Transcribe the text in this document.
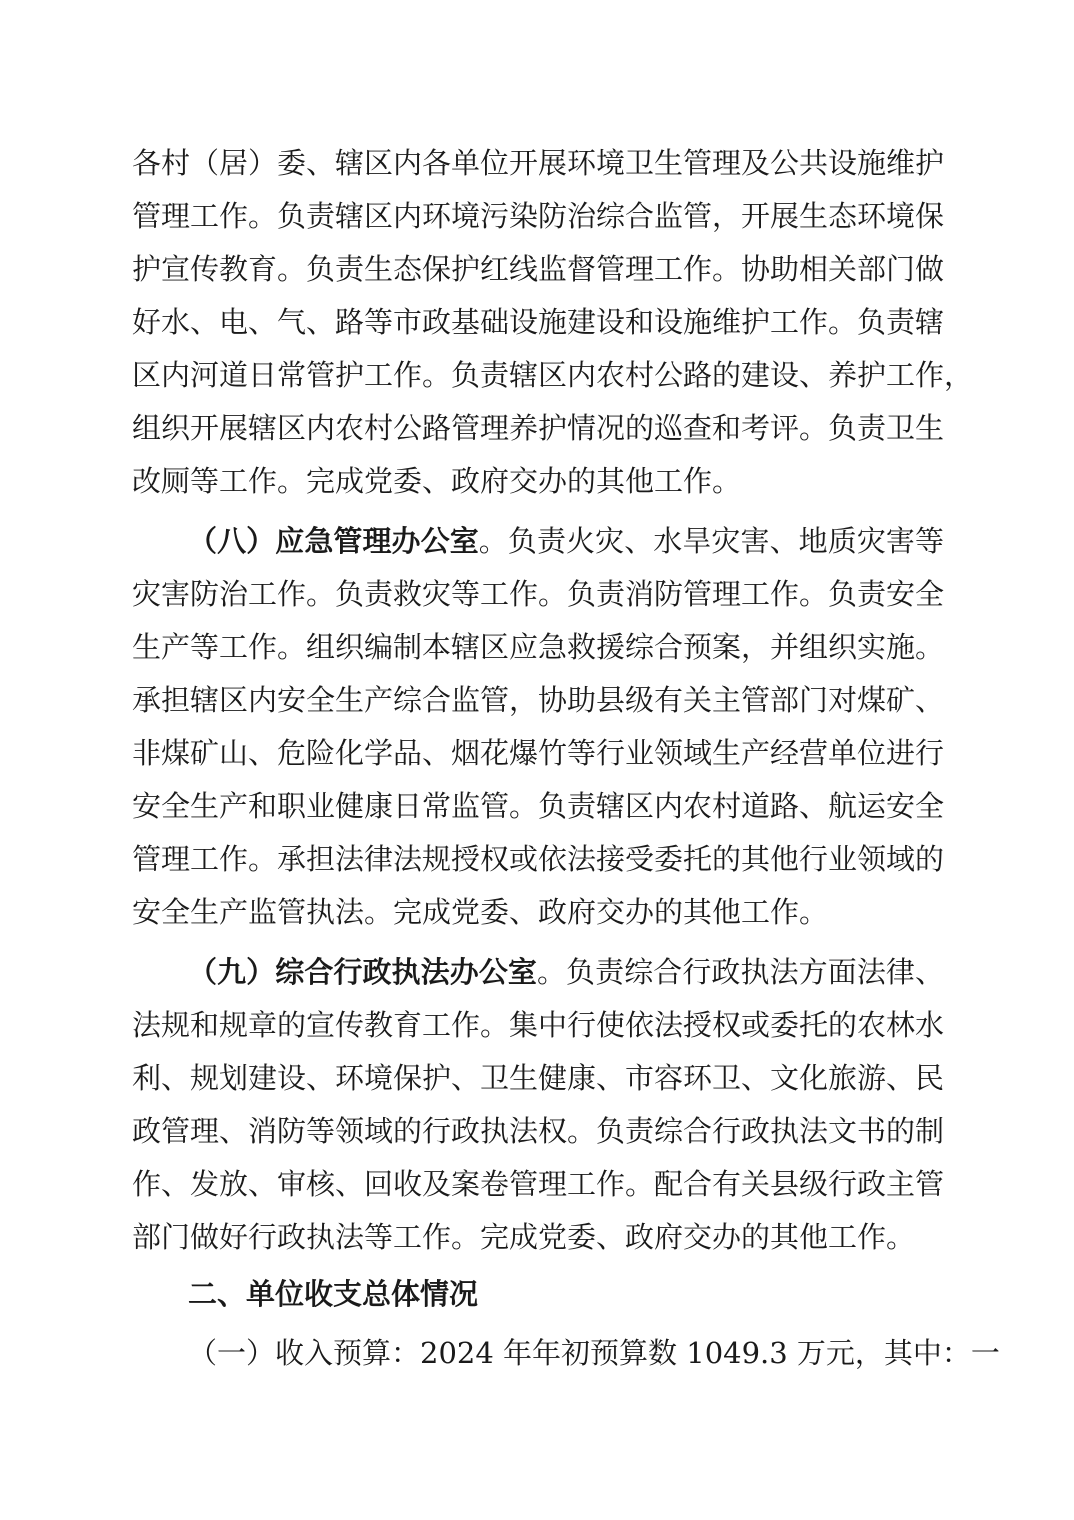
各村（居）委、辖区内各单位开展环境卫生管理及公共设施维护
管理工作。负责辖区内环境污染防治综合监管，开展生态环境保
护宣传教育。负责生态保护红线监督管理工作。协助相关部门做
好水、电、气、路等市政基础设施建设和设施维护工作。负责辖
区内河道日常管护工作。负责辖区内农村公路的建设、养护工作，
组织开展辖区内农村公路管理养护情况的巡查和考评。负责卫生
改厕等工作。完成党委、政府交办的其他工作。
（八）应急管理办公室。负责火灾、水旱灾害、地质灾害等
灾害防治工作。负责救灾等工作。负责消防管理工作。负责安全
生产等工作。组织编制本辖区应急救援综合预案，并组织实施。
承担辖区内安全生产综合监管，协助县级有关主管部门对煤矿、
非煤矿山、危险化学品、烟花爆竹等行业领域生产经营单位进行
安全生产和职业健康日常监管。负责辖区内农村道路、航运安全
管理工作。承担法律法规授权或依法接受委托的其他行业领域的
安全生产监管执法。完成党委、政府交办的其他工作。
（九）综合行政执法办公室。负责综合行政执法方面法律、
法规和规章的宣传教育工作。集中行使依法授权或委托的农林水
利、规划建设、环境保护、卫生健康、市容环卫、文化旅游、民
政管理、消防等领域的行政执法权。负责综合行政执法文书的制
作、发放、审核、回收及案卷管理工作。配合有关县级行政主管
部门做好行政执法等工作。完成党委、政府交办的其他工作。
二、单位收支总体情况
（一）收入预算：2024 年年初预算数 1049.3 万元，其中：一
